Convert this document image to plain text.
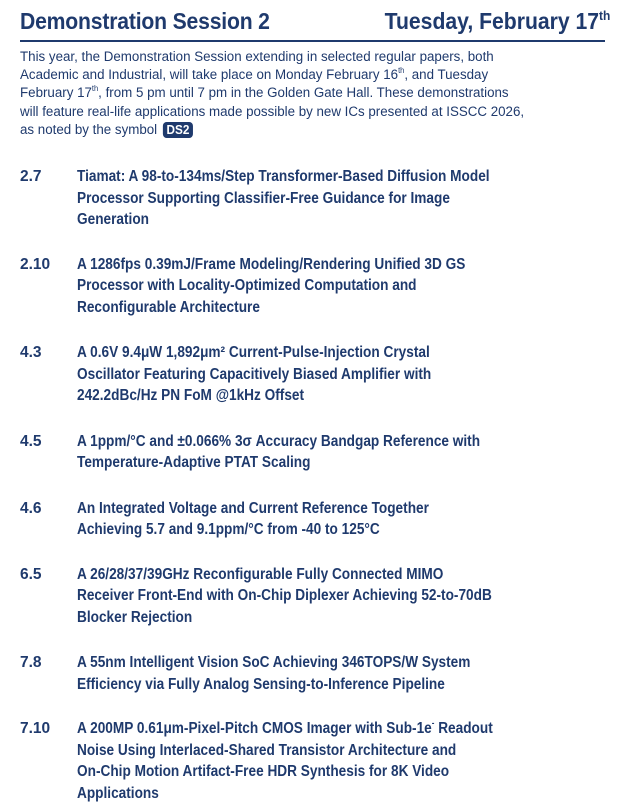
Demonstration Session 2	Tuesday, February 17th
This year, the Demonstration Session extending in selected regular papers, both
Academic and Industrial, will take place on Monday February 16th, and Tuesday
February 17th, from 5 pm until 7 pm in the Golden Gate Hall. These demonstrations
will feature real-life applications made possible by new ICs presented at ISSCC 2026,
as noted by the symbol DS2
2.7	Tiamat: A 98-to-134ms/Step Transformer-Based Diffusion Model
Processor Supporting Classifier-Free Guidance for Image
Generation
2.10	A 1286fps 0.39mJ/Frame Modeling/Rendering Unified 3D GS
Processor with Locality-Optimized Computation and
Reconfigurable Architecture
4.3	A 0.6V 9.4μW 1,892μm² Current-Pulse-Injection Crystal
Oscillator Featuring Capacitively Biased Amplifier with
242.2dBc/Hz PN FoM @1kHz Offset
4.5	A 1ppm/°C and ±0.066% 3σ Accuracy Bandgap Reference with
Temperature-Adaptive PTAT Scaling
4.6	An Integrated Voltage and Current Reference Together
Achieving 5.7 and 9.1ppm/°C from -40 to 125°C
6.5	A 26/28/37/39GHz Reconfigurable Fully Connected MIMO
Receiver Front-End with On-Chip Diplexer Achieving 52-to-70dB
Blocker Rejection
7.8	A 55nm Intelligent Vision SoC Achieving 346TOPS/W System
Efficiency via Fully Analog Sensing-to-Inference Pipeline
7.10	A 200MP 0.61μm-Pixel-Pitch CMOS Imager with Sub-1e- Readout
Noise Using Interlaced-Shared Transistor Architecture and
On-Chip Motion Artifact-Free HDR Synthesis for 8K Video
Applications
